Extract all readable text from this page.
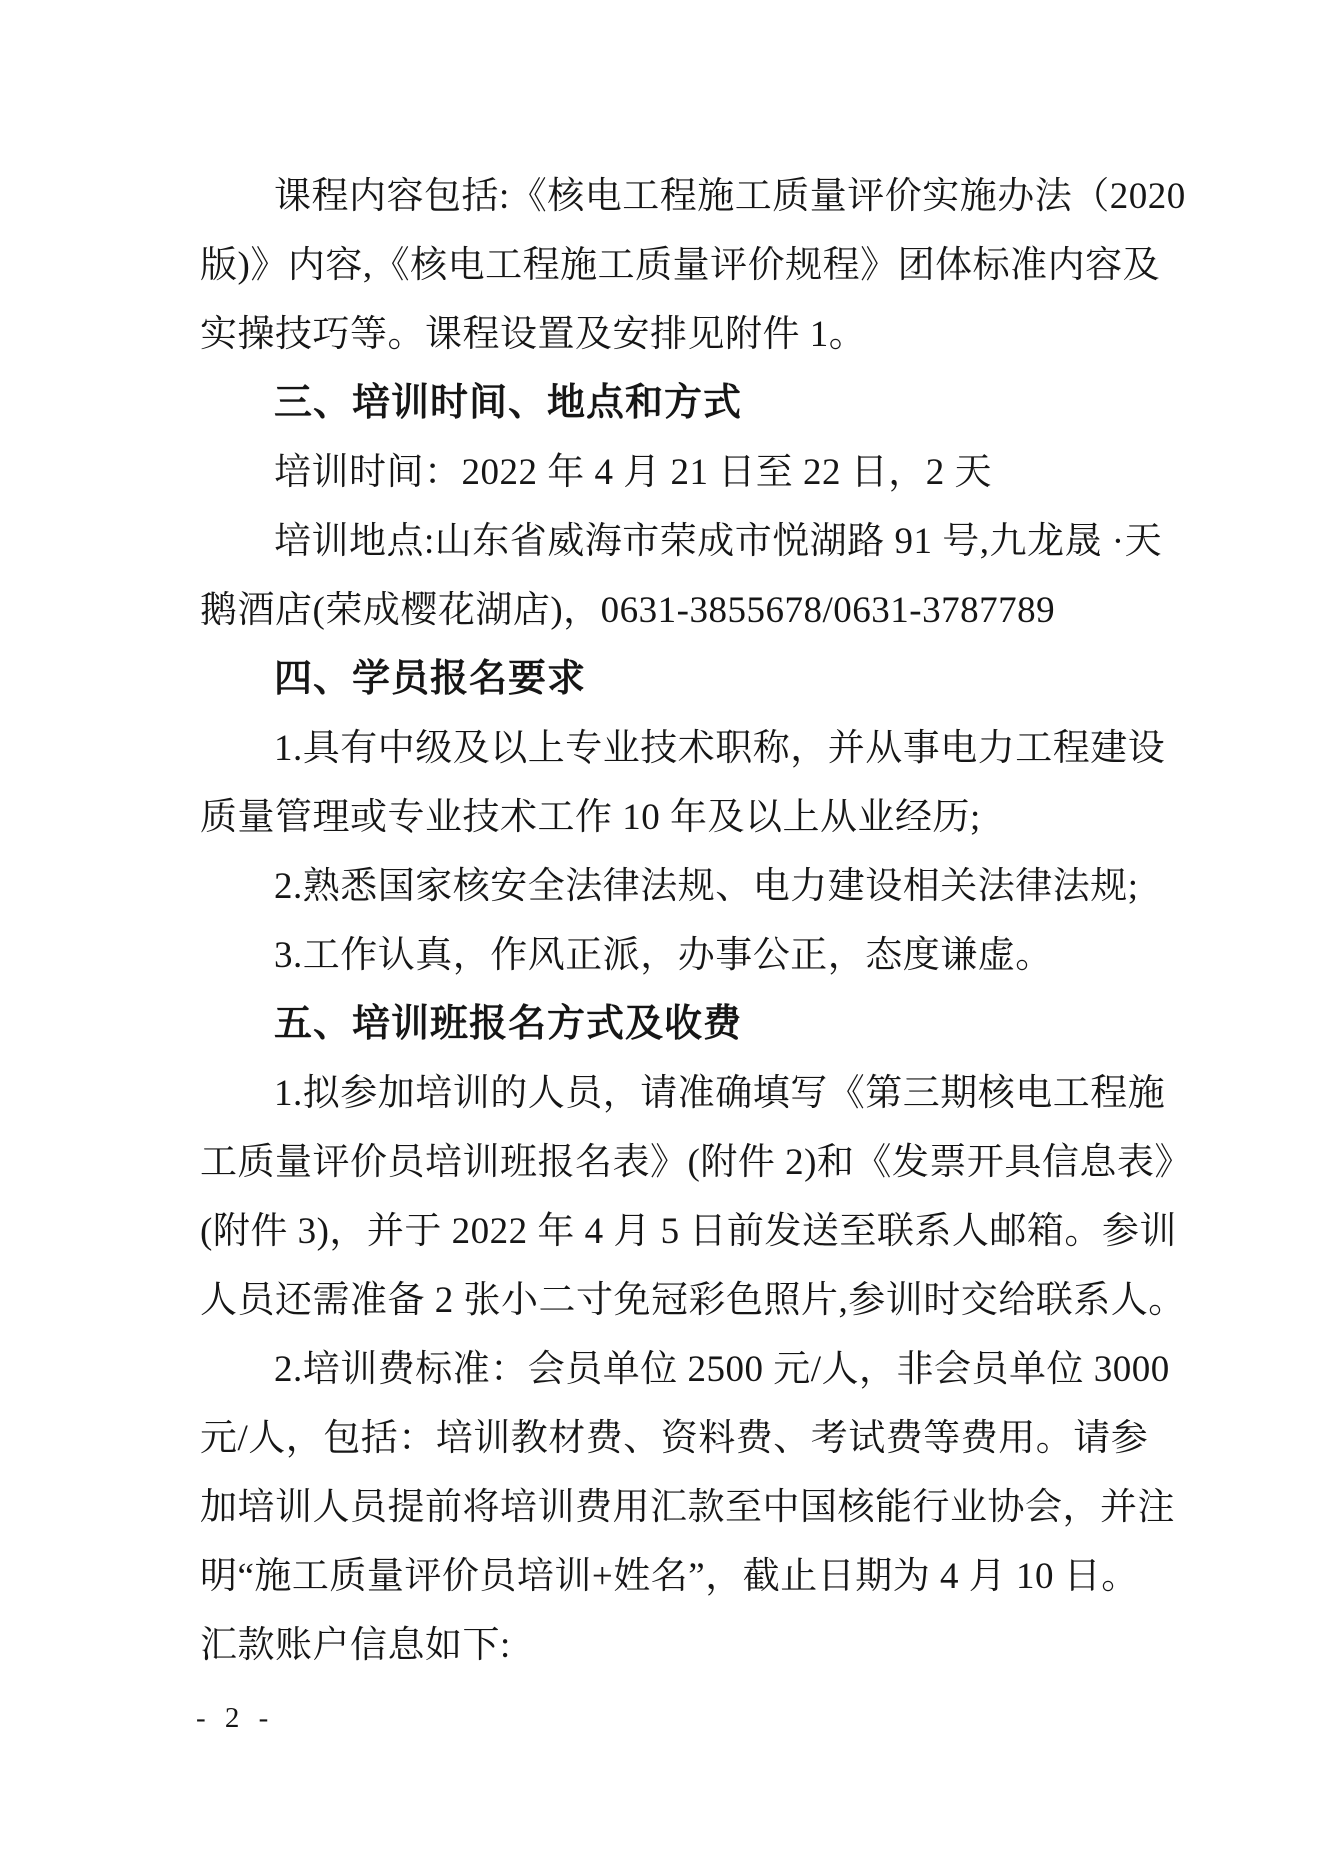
课程内容包括:《核电工程施工质量评价实施办法（2020
版)》内容,《核电工程施工质量评价规程》团体标准内容及
实操技巧等。课程设置及安排见附件 1。
三、培训时间、地点和方式
培训时间：2022 年 4 月 21 日至 22 日，2 天
培训地点:山东省威海市荣成市悦湖路 91 号,九龙晟 ·天
鹅酒店(荣成樱花湖店)，0631-3855678/0631-3787789
四、学员报名要求
1.具有中级及以上专业技术职称，并从事电力工程建设
质量管理或专业技术工作 10 年及以上从业经历;
2.熟悉国家核安全法律法规、电力建设相关法律法规;
3.工作认真，作风正派，办事公正，态度谦虚。
五、培训班报名方式及收费
1.拟参加培训的人员，请准确填写《第三期核电工程施
工质量评价员培训班报名表》(附件 2)和《发票开具信息表》
(附件 3)，并于 2022 年 4 月 5 日前发送至联系人邮箱。参训
人员还需准备 2 张小二寸免冠彩色照片,参训时交给联系人。
2.培训费标准：会员单位 2500 元/人，非会员单位 3000
元/人，包括：培训教材费、资料费、考试费等费用。请参
加培训人员提前将培训费用汇款至中国核能行业协会，并注
明“施工质量评价员培训+姓名”，截止日期为 4 月 10 日。
汇款账户信息如下:
- 2 -
